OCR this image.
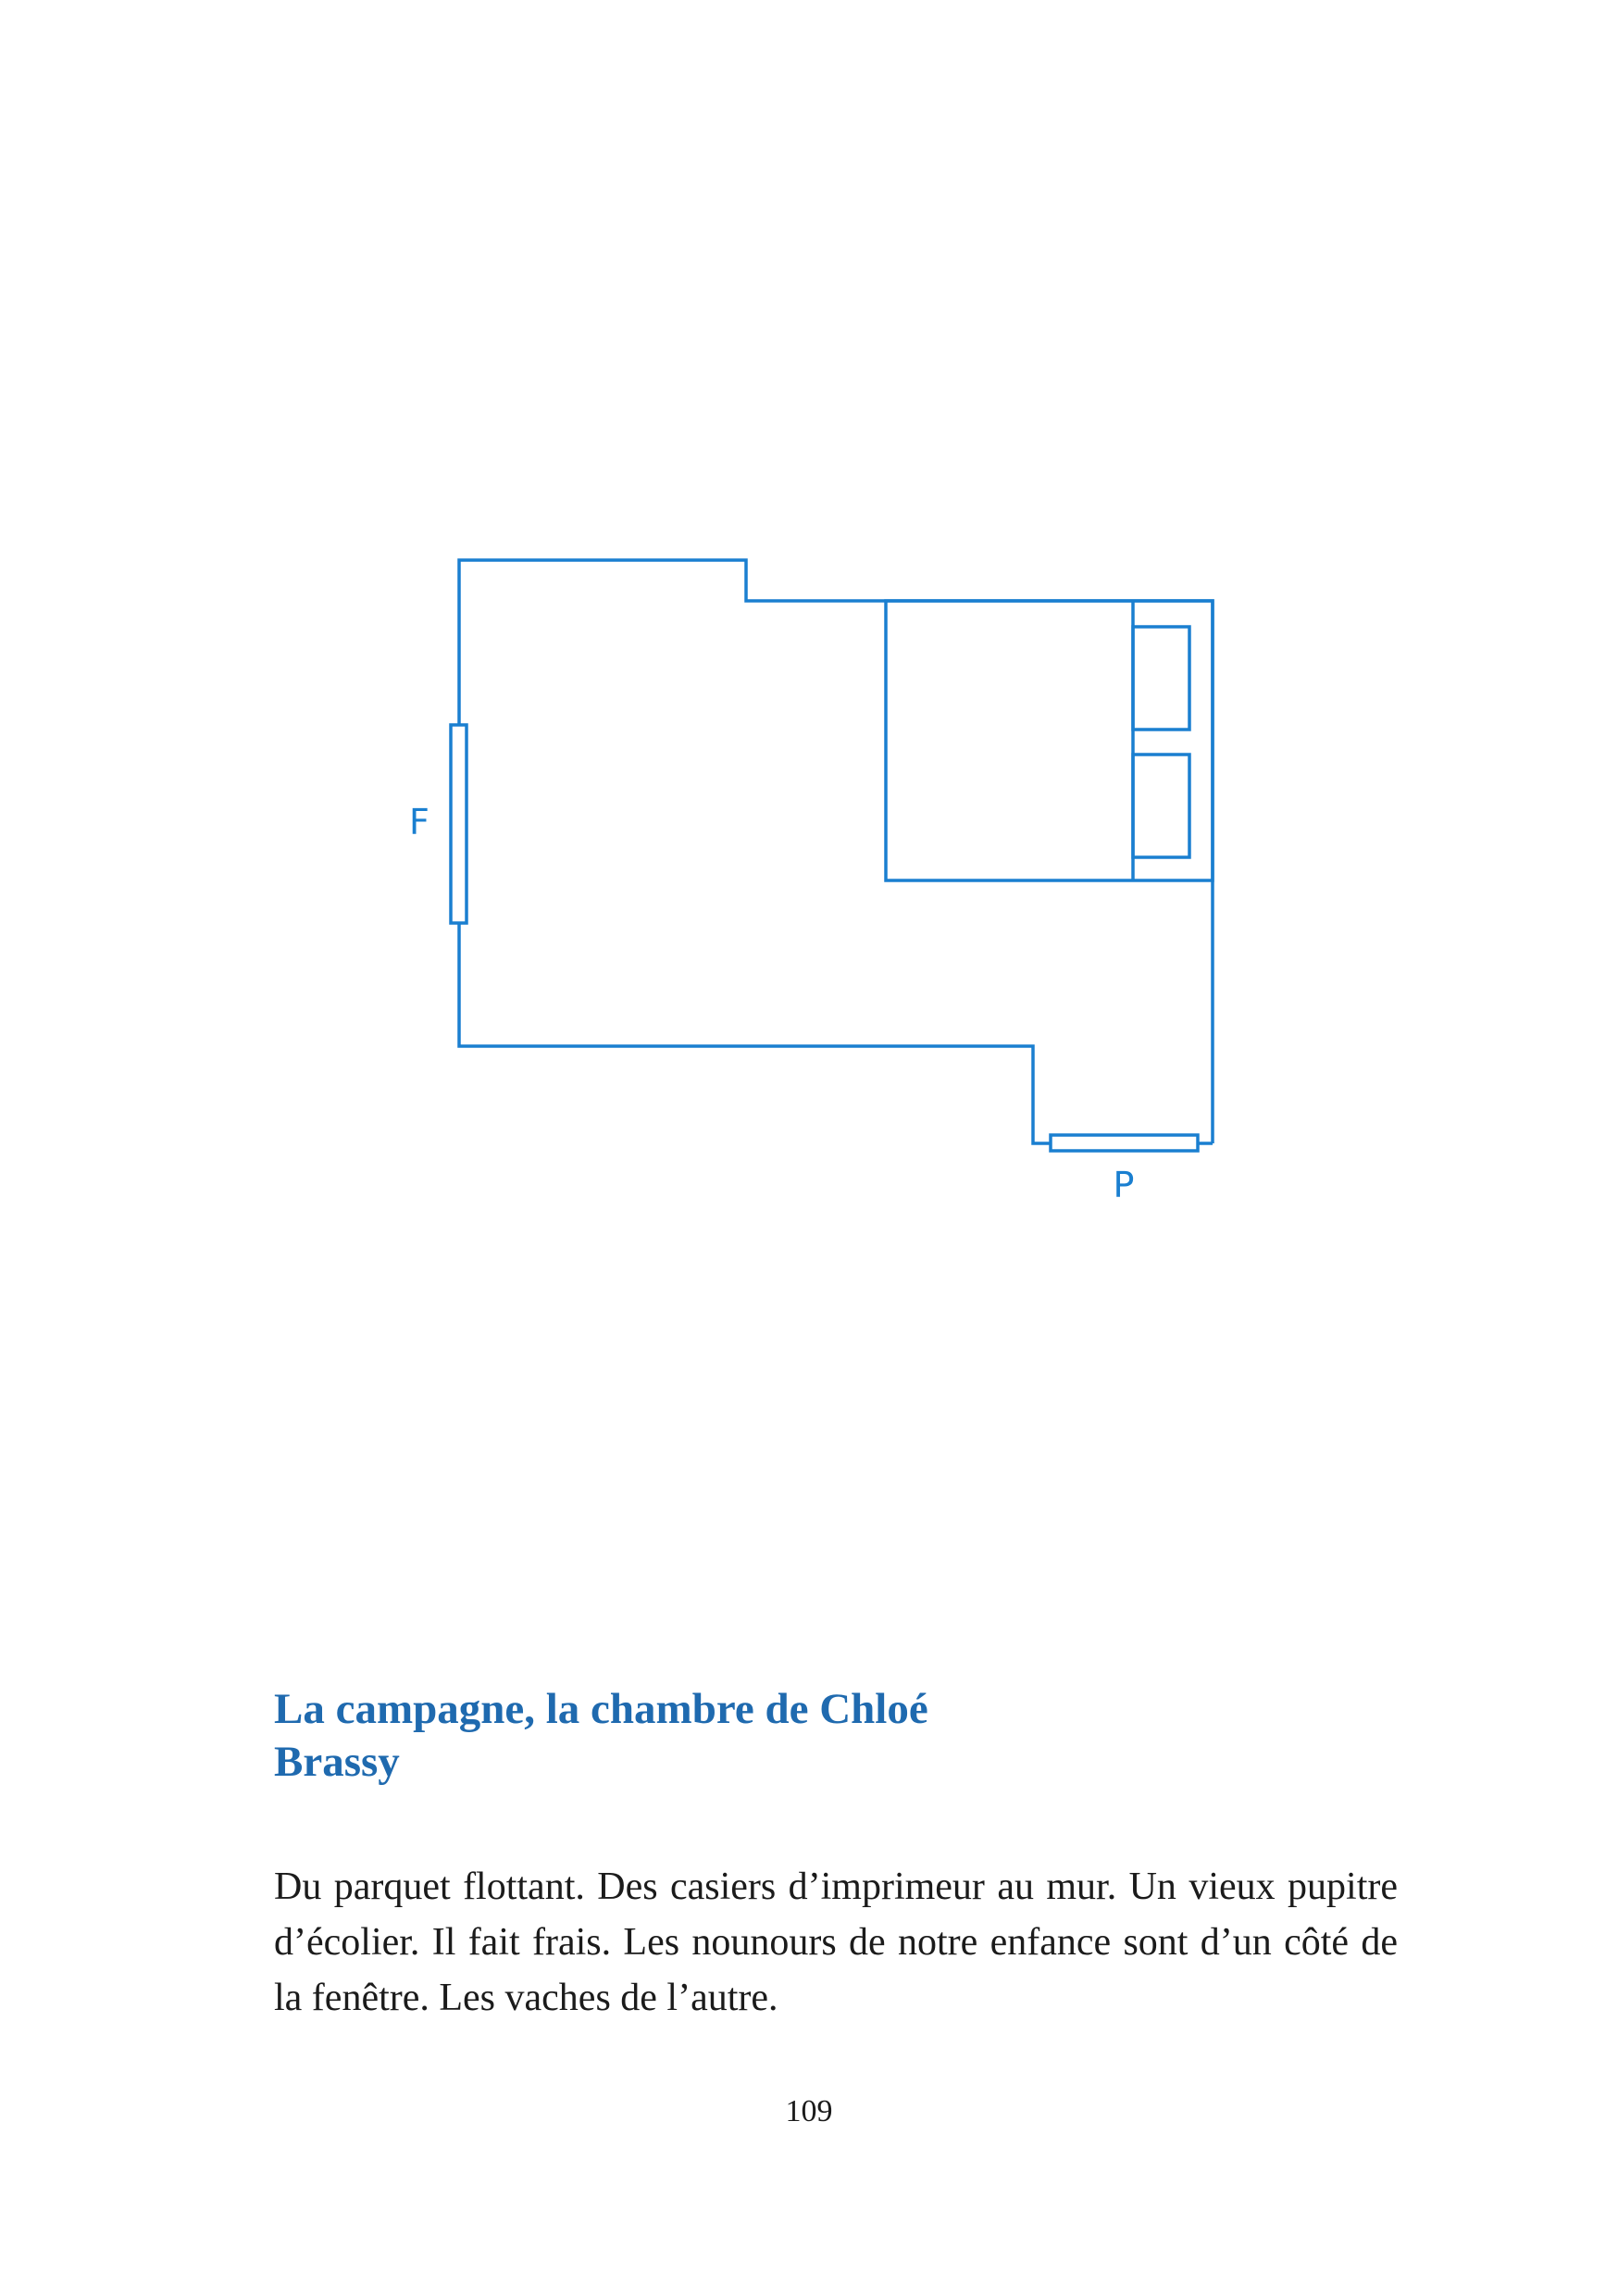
F
P
La campagne, la chambre de Chloé
Brassy

Du parquet flottant. Des casiers d’imprimeur au mur. Un vieux pupitre d’écolier. Il fait frais. Les nounours de notre enfance sont d’un côté de la fenêtre. Les vaches de l’autre.

109
